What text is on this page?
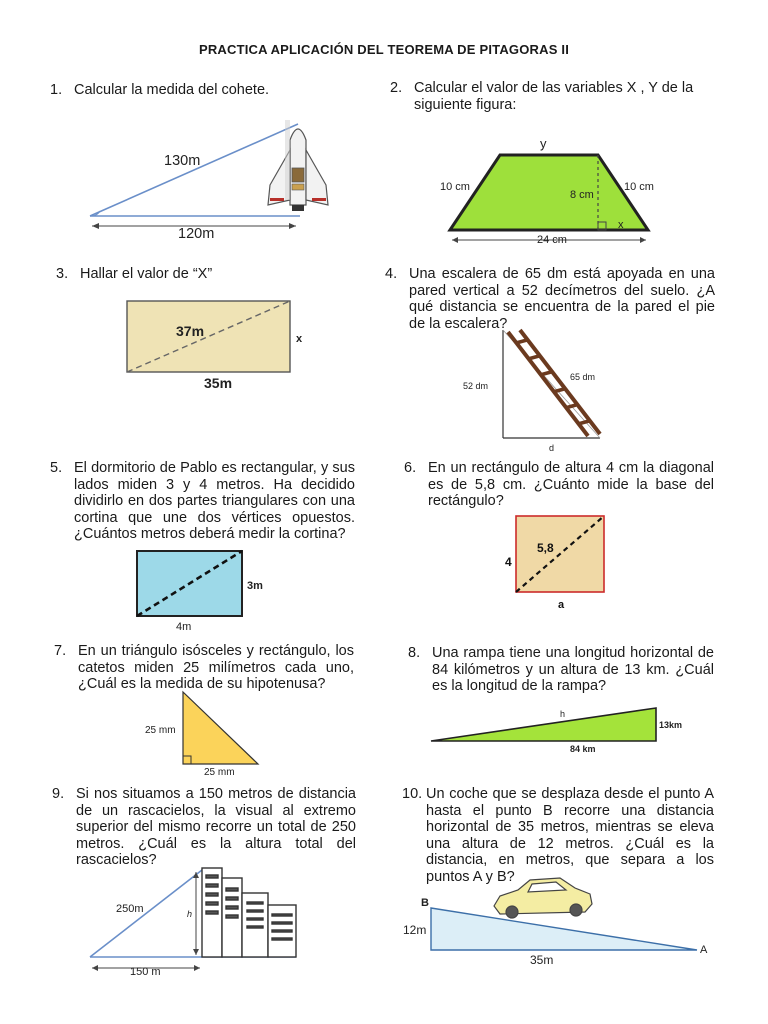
PRACTICA APLICACIÓN DEL TEOREMA DE PITAGORAS II
1. Calcular la medida del cohete.
130m
120m
2. Calcular el valor de las variables X , Y de la siguiente figura:
y
10 cm	10 cm
8 cm
x
24 cm
3. Hallar el valor de “X”
37m	x
35m
4. Una escalera de 65 dm está apoyada en una pared vertical a 52 decímetros del suelo. ¿A qué distancia se encuentra de la pared el pie de la escalera?
52 dm
65 dm
d
5. El dormitorio de Pablo es rectangular, y sus lados miden 3 y 4 metros. Ha decidido dividirlo en dos partes triangulares con una cortina que une dos vértices opuestos. ¿Cuántos metros deberá medir la cortina?
3m
4m
6. En un rectángulo de altura 4 cm la diagonal es de 5,8 cm. ¿Cuánto mide la base del rectángulo?
5,8
4
a
7. En un triángulo isósceles y rectángulo, los catetos miden 25 milímetros cada uno, ¿Cuál es la medida de su hipotenusa?
25 mm
25 mm
8. Una rampa tiene una longitud horizontal de 84 kilómetros y un altura de 13 km. ¿Cuál es la longitud de la rampa?
h
13km
84 km
9. Si nos situamos a 150 metros de distancia de un rascacielos, la visual al extremo superior del mismo recorre un total de 250 metros. ¿Cuál es la altura total del rascacielos?
250m	h
150 m
10. Un coche que se desplaza desde el punto A hasta el punto B recorre una distancia horizontal de 35 metros, mientras se eleva una altura de 12 metros. ¿Cuál es la distancia, en metros, que separa a los puntos A y B?
B
A
12m
35m
